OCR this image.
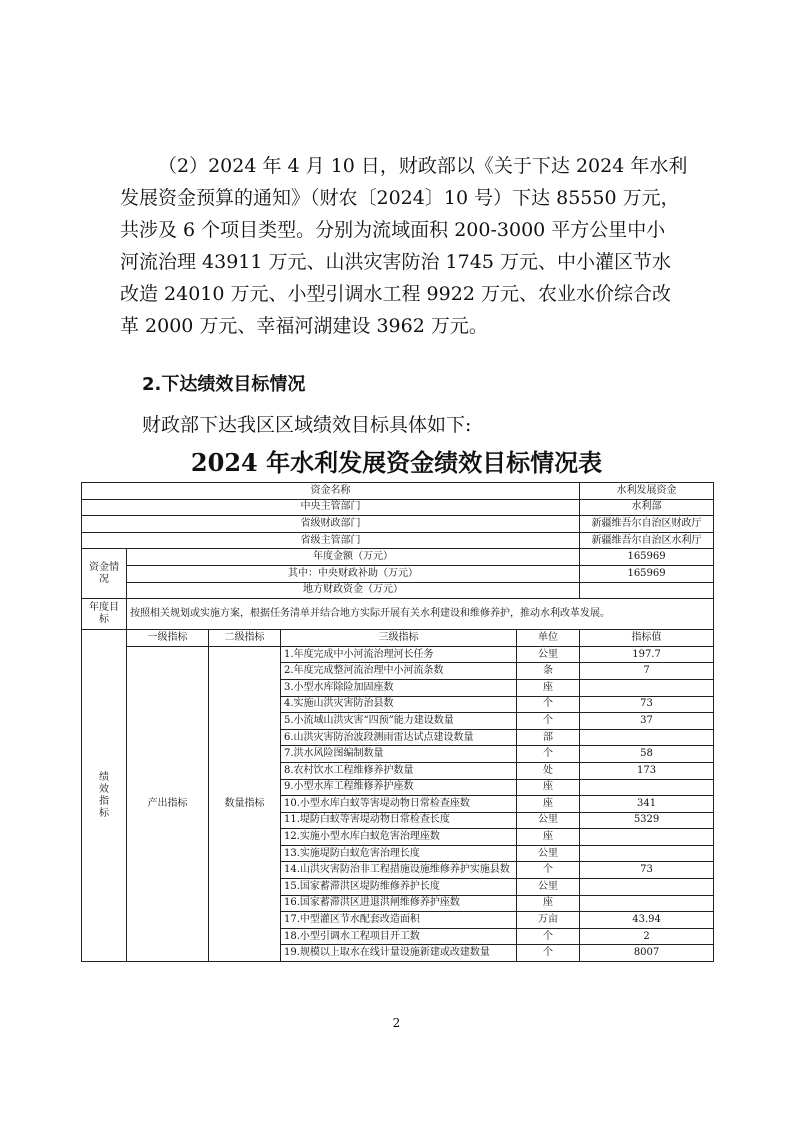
（2）2024 年 4 月 10 日，财政部以《关于下达 2024 年水利

发展资金预算的通知》（财农〔2024〕10 号）下达 85550 万元，

共涉及 6 个项目类型。分别为流域面积 200-3000 平方公里中小

河流治理 43911 万元、山洪灾害防治 1745 万元、中小灌区节水

改造 24010 万元、小型引调水工程 9922 万元、农业水价综合改

革 2000 万元、幸福河湖建设 3962 万元。

2.下达绩效目标情况
财政部下达我区区域绩效目标具体如下:
2024 年水利发展资金绩效目标情况表
资金名称					水利发展资金
中央主管部门					水利部
省级财政部门					新疆维吾尔自治区财政厅
省级主管部门					新疆维吾尔自治区水利厅
资金情况	年度金额（万元）				165969
	其中：中央财政补助（万元）				165969
	地方财政资金（万元）				
年度目标	按照相关规划或实施方案，根据任务清单并结合地方实际开展有关水利建设和维修养护，推动水利改革发展。				
绩效指标	一级指标	二级指标	三级指标	单位	指标值
	产出指标	数量指标	1.年度完成中小河流治理河长任务	公里	197.7
			2.年度完成整河流治理中小河流条数	条	7
			3.小型水库除险加固座数	座	
			4.实施山洪灾害防治县数	个	73
			5.小流域山洪灾害“四预”能力建设数量	个	37
			6.山洪灾害防治波段测雨雷达试点建设数量	部	
			7.洪水风险图编制数量	个	58
			8.农村饮水工程维修养护数量	处	173
			9.小型水库工程维修养护座数	座	
			10.小型水库白蚁等害堤动物日常检查座数	座	341
			11.堤防白蚁等害堤动物日常检查长度	公里	5329
			12.实施小型水库白蚁危害治理座数	座	
			13.实施堤防白蚁危害治理长度	公里	
			14.山洪灾害防治非工程措施设施维修养护实施县数	个	73
			15.国家蓄滞洪区堤防维修养护长度	公里	
			16.国家蓄滞洪区进退洪闸维修养护座数	座	
			17.中型灌区节水配套改造面积	万亩	43.94
			18.小型引调水工程项目开工数	个	2
			19.规模以上取水在线计量设施新建或改建数量	个	8007
2
